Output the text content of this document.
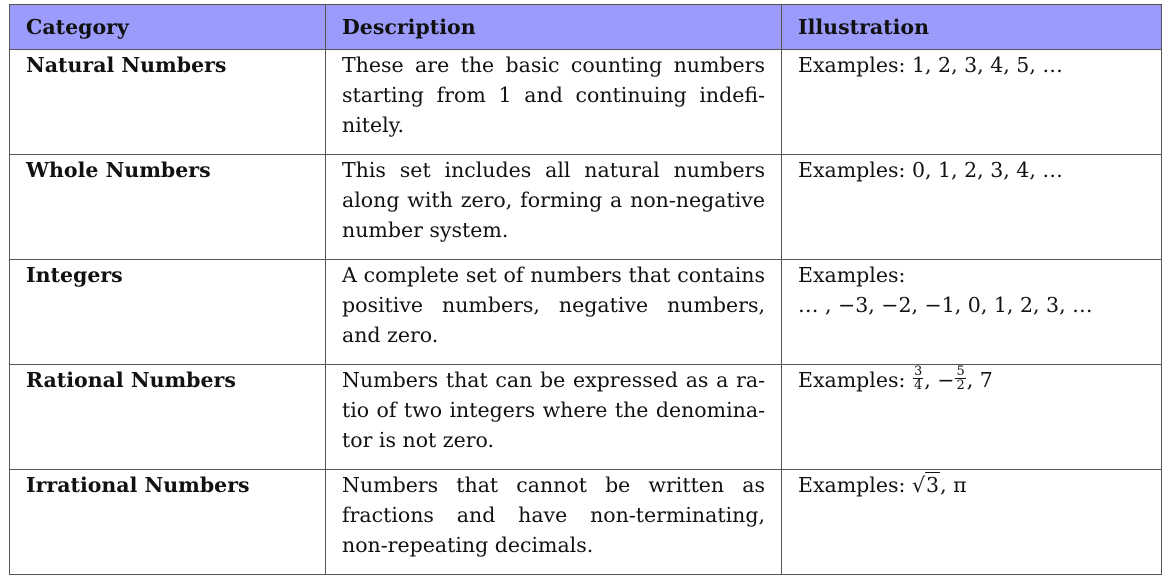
Category	Description	Illustration
Natural Numbers	These are the basic counting numbers starting from 1 and continuing indefinitely.	Examples: 1, 2, 3, 4, 5, …
Whole Numbers	This set includes all natural numbers along with zero, forming a non-negative number system.	Examples: 0, 1, 2, 3, 4, …
Integers	A complete set of numbers that contains positive numbers, negative numbers, and zero.	Examples:
… , −3, −2, −1, 0, 1, 2, 3, …

Rational Numbers	Numbers that can be expressed as a ratio of two integers where the denominator is not zero.	Examples: $\frac{3}{4}$ , − $\frac{5}{2}$ , 7
Irrational Numbers	Numbers that cannot be written as fractions and have non-terminating, non-repeating decimals.	Examples: √3, π
